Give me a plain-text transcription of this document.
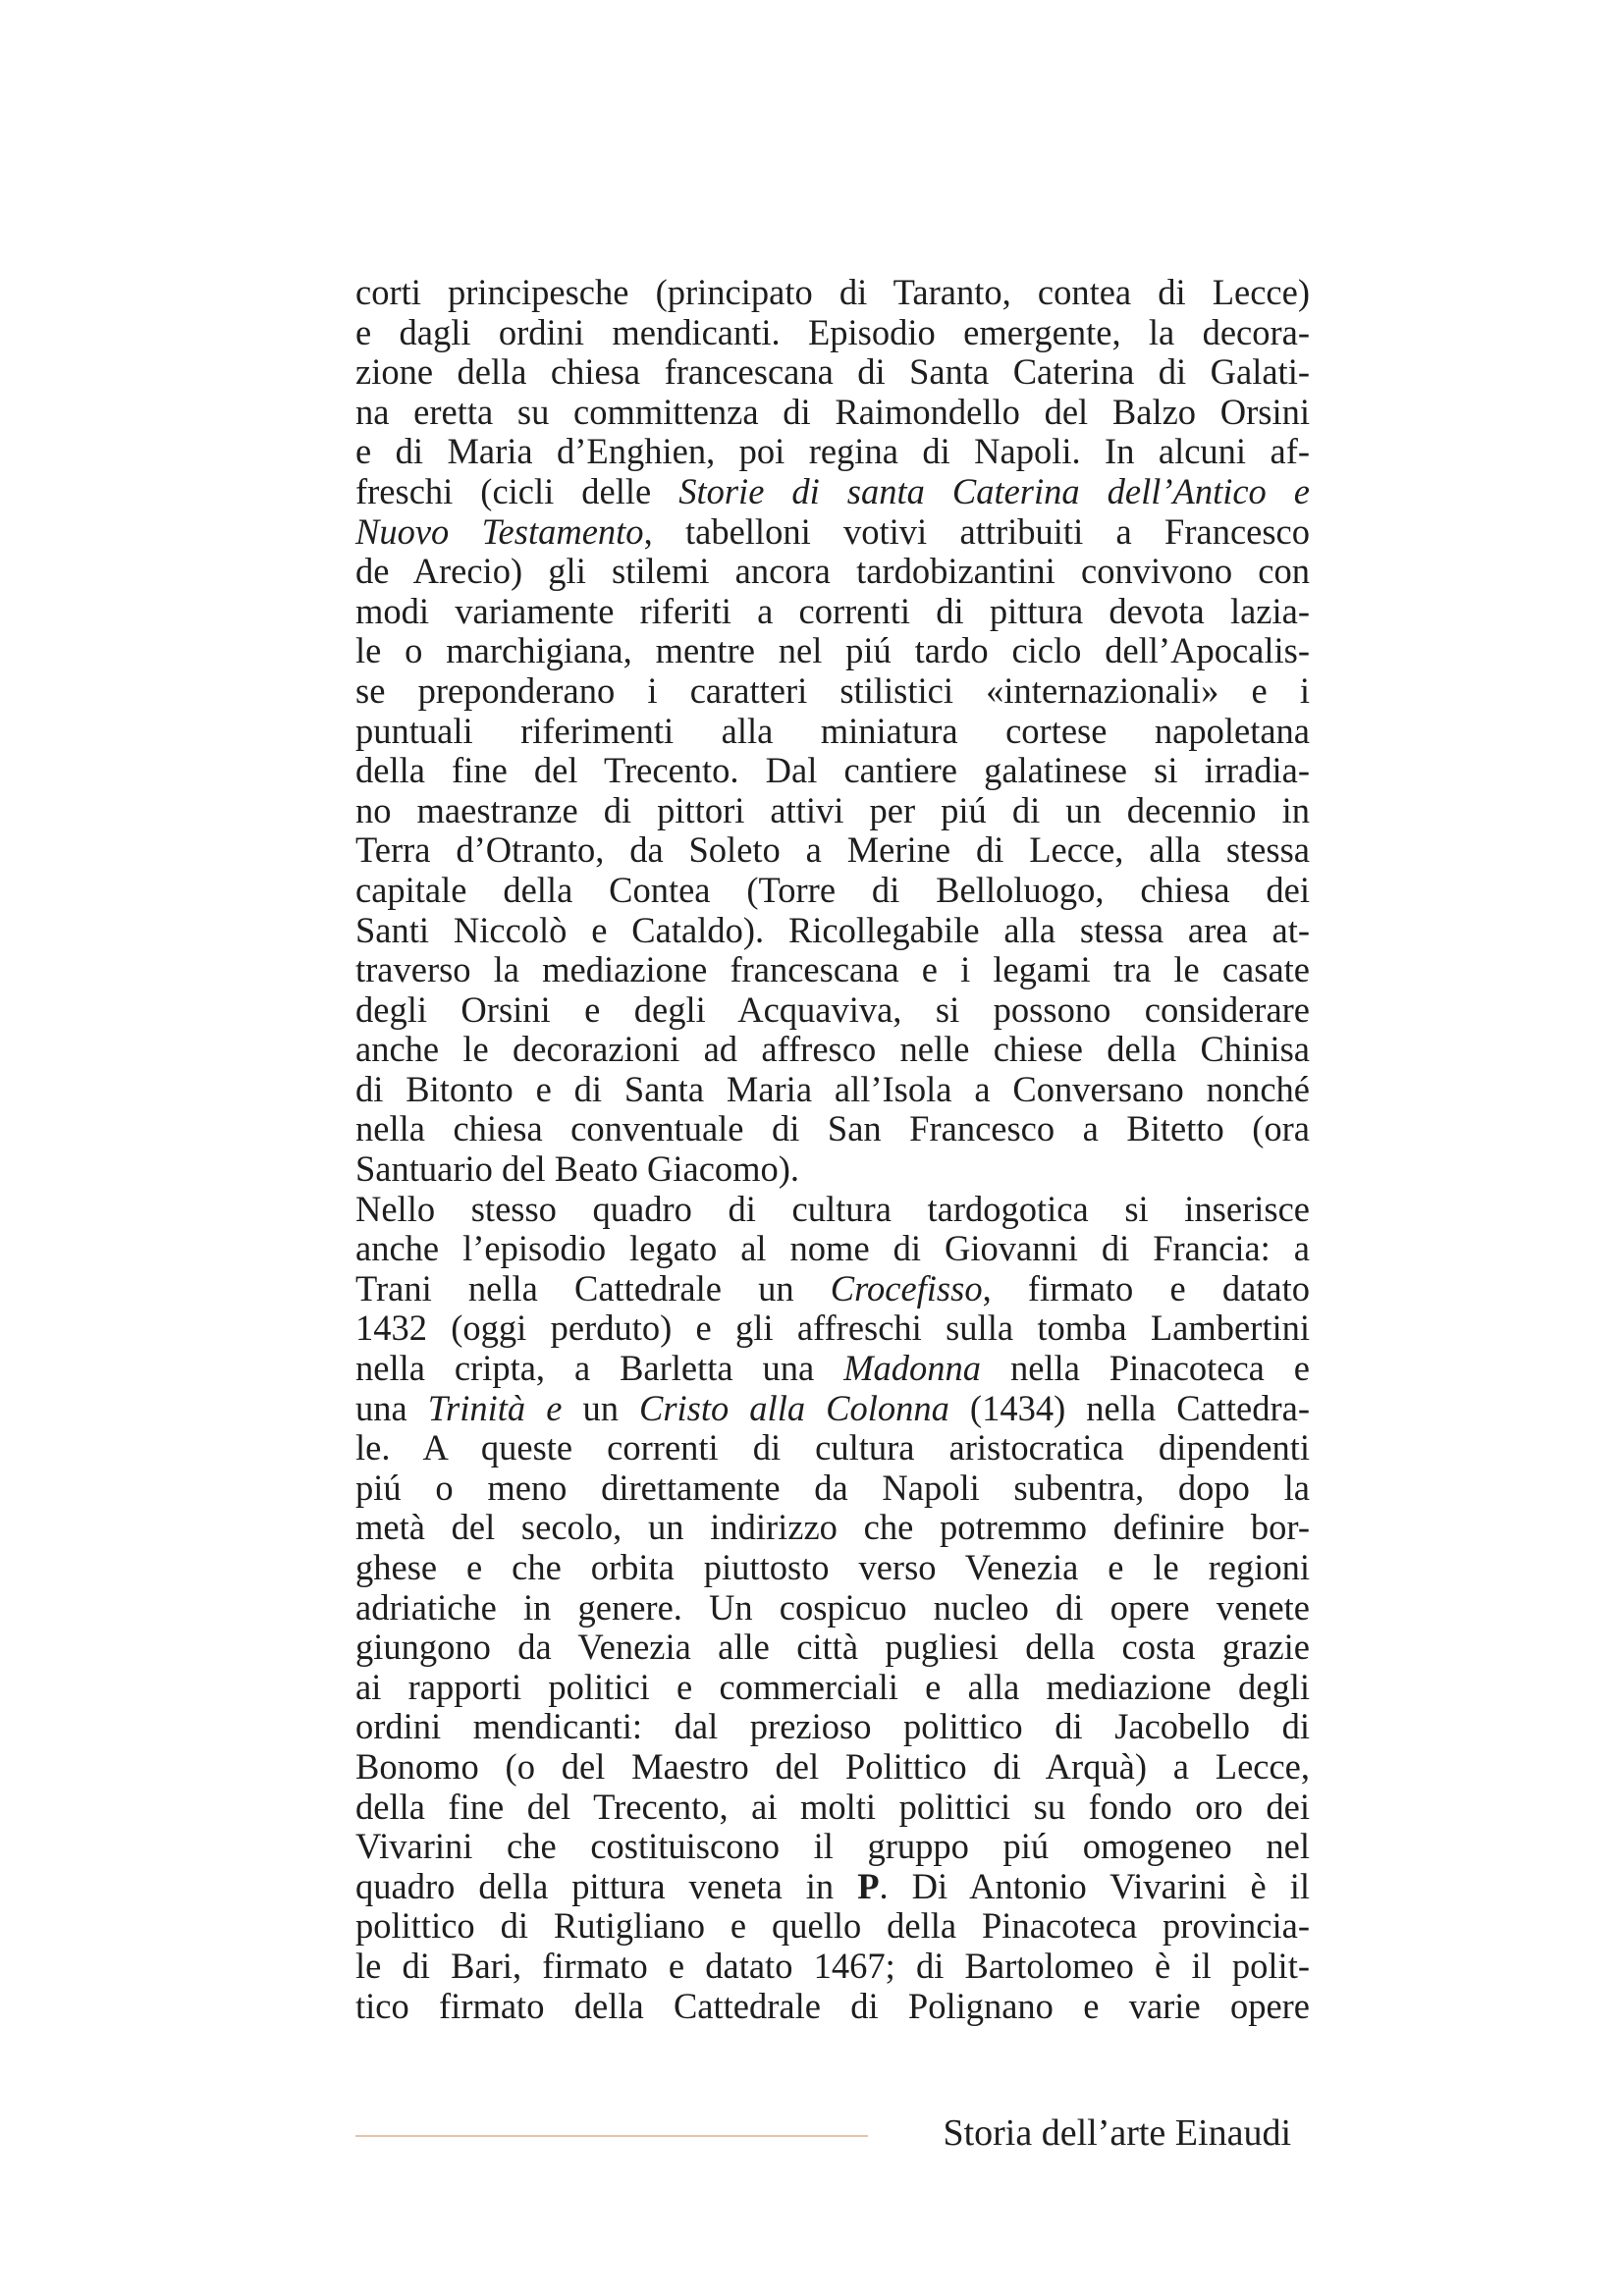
corti principesche (principato di Taranto, contea di Lecce)
e dagli ordini mendicanti. Episodio emergente, la decora-
zione della chiesa francescana di Santa Caterina di Galati-
na eretta su committenza di Raimondello del Balzo Orsini
e di Maria d’Enghien, poi regina di Napoli. In alcuni af-
freschi (cicli delle Storie di santa Caterina dell’Antico e
Nuovo Testamento, tabelloni votivi attribuiti a Francesco
de Arecio) gli stilemi ancora tardobizantini convivono con
modi variamente riferiti a correnti di pittura devota lazia-
le o marchigiana, mentre nel piú tardo ciclo dell’Apocalis-
se preponderano i caratteri stilistici «internazionali» e i
puntuali riferimenti alla miniatura cortese napoletana
della fine del Trecento. Dal cantiere galatinese si irradia-
no maestranze di pittori attivi per piú di un decennio in
Terra d’Otranto, da Soleto a Merine di Lecce, alla stessa
capitale della Contea (Torre di Belloluogo, chiesa dei
Santi Niccolò e Cataldo). Ricollegabile alla stessa area at-
traverso la mediazione francescana e i legami tra le casate
degli Orsini e degli Acquaviva, si possono considerare
anche le decorazioni ad affresco nelle chiese della Chinisa
di Bitonto e di Santa Maria all’Isola a Conversano nonché
nella chiesa conventuale di San Francesco a Bitetto (ora
Santuario del Beato Giacomo).
Nello stesso quadro di cultura tardogotica si inserisce
anche l’episodio legato al nome di Giovanni di Francia: a
Trani nella Cattedrale un Crocefisso, firmato e datato
1432 (oggi perduto) e gli affreschi sulla tomba Lambertini
nella cripta, a Barletta una Madonna nella Pinacoteca e
una Trinità e un Cristo alla Colonna (1434) nella Cattedra-
le. A queste correnti di cultura aristocratica dipendenti
piú o meno direttamente da Napoli subentra, dopo la
metà del secolo, un indirizzo che potremmo definire bor-
ghese e che orbita piuttosto verso Venezia e le regioni
adriatiche in genere. Un cospicuo nucleo di opere venete
giungono da Venezia alle città pugliesi della costa grazie
ai rapporti politici e commerciali e alla mediazione degli
ordini mendicanti: dal prezioso polittico di Jacobello di
Bonomo (o del Maestro del Polittico di Arquà) a Lecce,
della fine del Trecento, ai molti polittici su fondo oro dei
Vivarini che costituiscono il gruppo piú omogeneo nel
quadro della pittura veneta in P. Di Antonio Vivarini è il
polittico di Rutigliano e quello della Pinacoteca provincia-
le di Bari, firmato e datato 1467; di Bartolomeo è il polit-
tico firmato della Cattedrale di Polignano e varie opere
Storia dell’arte Einaudi
